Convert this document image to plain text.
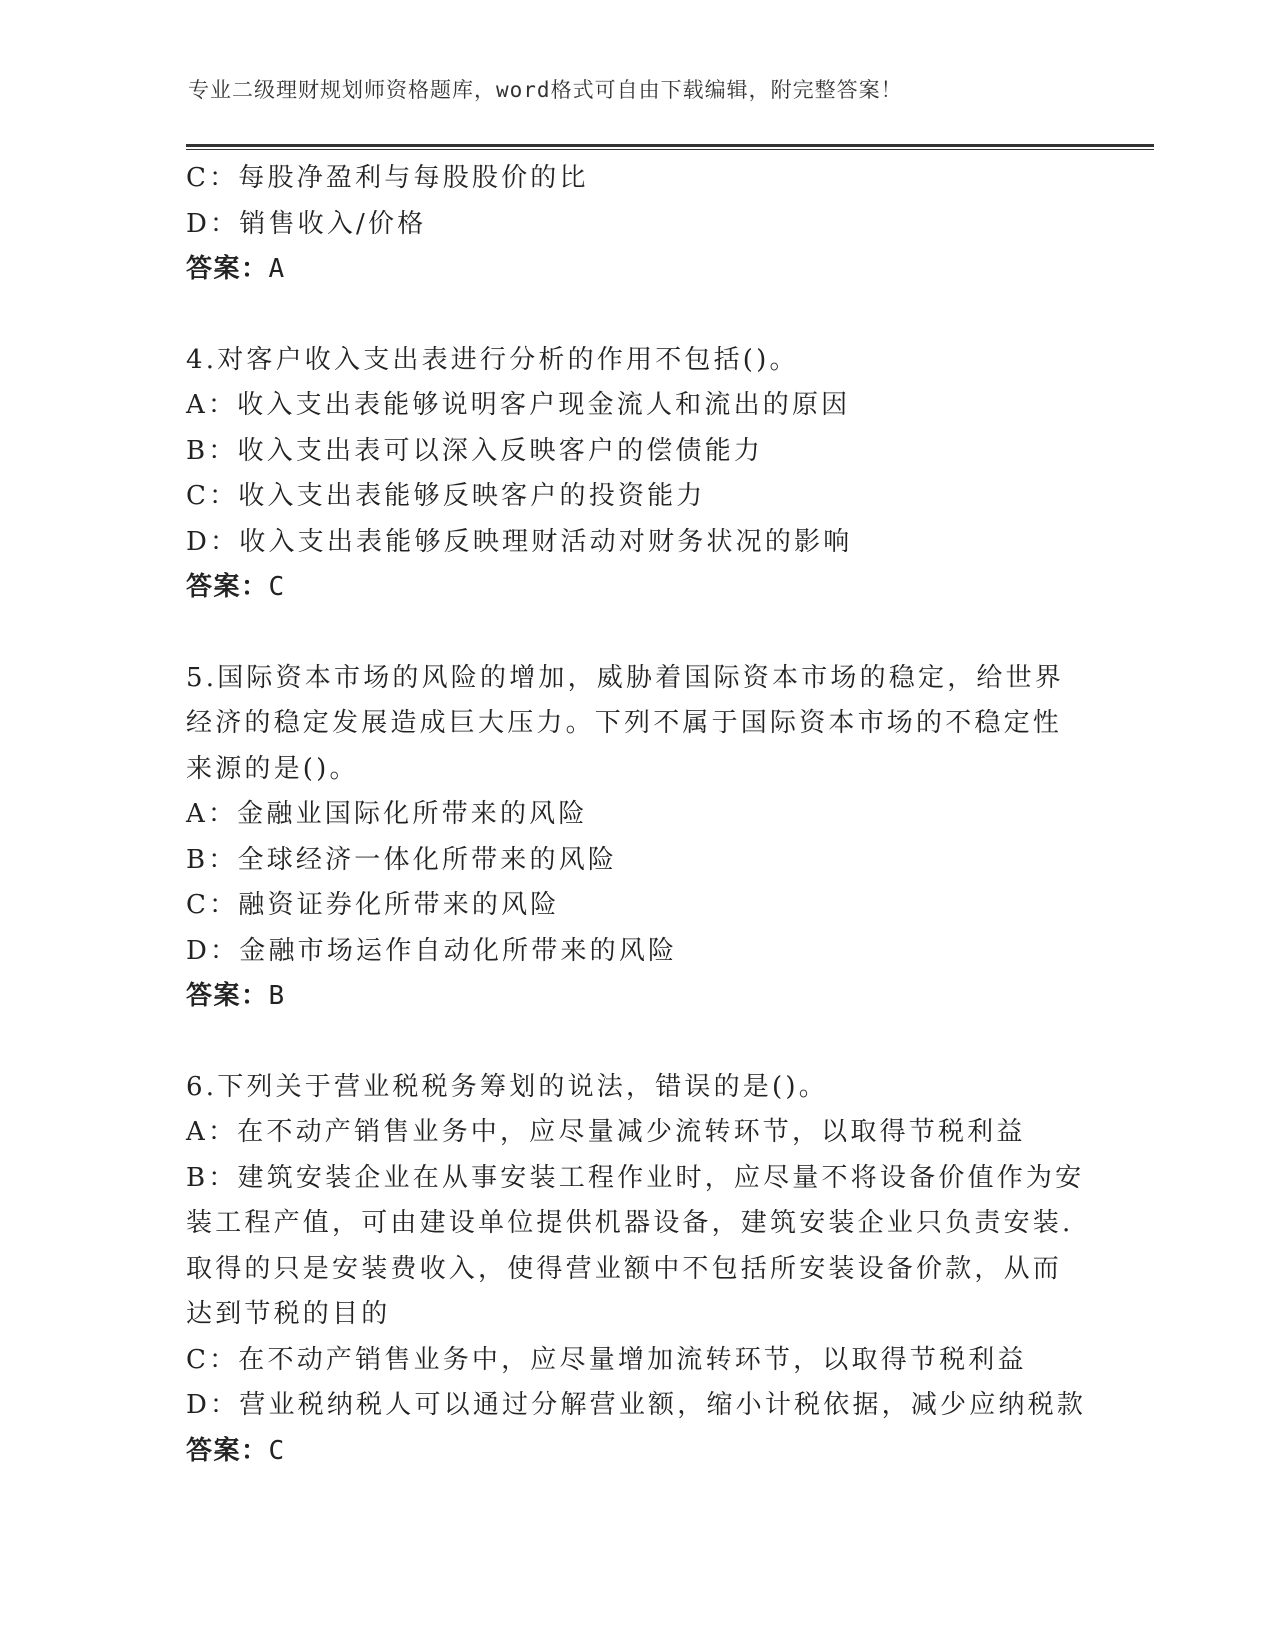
专业二级理财规划师资格题库，word格式可自由下载编辑，附完整答案！
C：每股净盈利与每股股价的比
D：销售收入/价格
答案：A
4.对客户收入支出表进行分析的作用不包括()。
A：收入支出表能够说明客户现金流人和流出的原因
B：收入支出表可以深入反映客户的偿债能力
C：收入支出表能够反映客户的投资能力
D：收入支出表能够反映理财活动对财务状况的影响
答案：C
5.国际资本市场的风险的增加，威胁着国际资本市场的稳定，给世界
经济的稳定发展造成巨大压力。下列不属于国际资本市场的不稳定性
来源的是()。
A：金融业国际化所带来的风险
B：全球经济一体化所带来的风险
C：融资证券化所带来的风险
D：金融市场运作自动化所带来的风险
答案：B
6.下列关于营业税税务筹划的说法，错误的是()。
A：在不动产销售业务中，应尽量减少流转环节，以取得节税利益
B：建筑安装企业在从事安装工程作业时，应尽量不将设备价值作为安
装工程产值，可由建设单位提供机器设备，建筑安装企业只负责安装.
取得的只是安装费收入，使得营业额中不包括所安装设备价款，从而
达到节税的目的
C：在不动产销售业务中，应尽量增加流转环节，以取得节税利益
D：营业税纳税人可以通过分解营业额，缩小计税依据，减少应纳税款
答案：C
